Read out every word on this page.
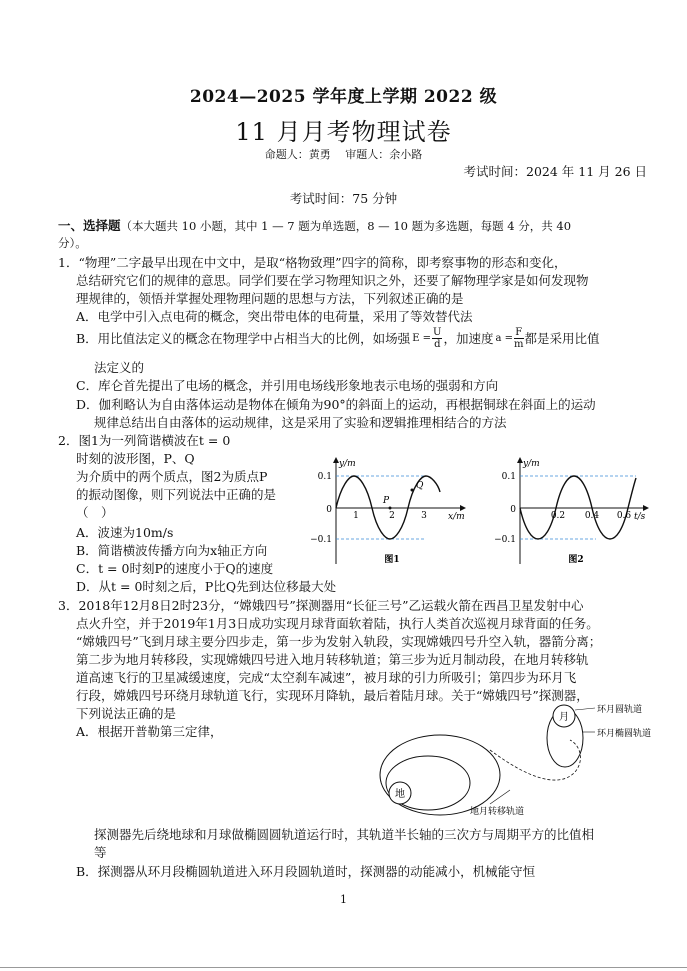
2024—2025 学年度上学期 2022 级
11 月月考物理试卷
命题人：黄勇　 审题人：余小路
考试时间：2024 年 11 月 26 日
考试时间：75 分钟
一、选择题（本大题共 10 小题，其中 1 — 7 题为单选题，8 — 10 题为多选题，每题 4 分，共 40
分）。
1．“物理”二字最早出现在中文中，是取“格物致理”四字的简称，即考察事物的形态和变化，
总结研究它们的规律的意思。同学们要在学习物理知识之外，还要了解物理学家是如何发现物
理规律的，领悟并掌握处理物理问题的思想与方法，下列叙述正确的是
A．电学中引入点电荷的概念，突出带电体的电荷量，采用了等效替代法
B．用比值法定义的概念在物理学中占相当大的比例，如场强 $E = \frac{U}{d}$ ，加速度 $a = \frac{F}{m}$ 都是采用比值
法定义的
C．库仑首先提出了电场的概念，并引用电场线形象地表示电场的强弱和方向
D．伽利略认为自由落体运动是物体在倾角为90°的斜面上的运动，再根据铜球在斜面上的运动
规律总结出自由落体的运动规律，这是采用了实验和逻辑推理相结合的方法
2．图1为一列简谐横波在t = 0
时刻的波形图，P、Q
为介质中的两个质点，图2为质点P
的振动图像，则下列说法中正确的是
（　）
A．波速为10m/s
B．简谐横波传播方向为x轴正方向
C．t = 0时刻P的速度小于Q的速度
D．从t = 0时刻之后，P比Q先到达位移最大处
y/m
x/m
0.1
−0.1
0
1	2	3
P
Q
图1
y/m
t/s
0.1
−0.1
0
0.2 0.4 0.6
图2
3．2018年12月8日2时23分，“嫦娥四号”探测器用“长征三号”乙运载火箭在西昌卫星发射中心
点火升空，并于2019年1月3日成功实现月球背面软着陆，执行人类首次巡视月球背面的任务。
“嫦娥四号”飞到月球主要分四步走，第一步为发射入轨段，实现嫦娥四号升空入轨，器箭分离；
第二步为地月转移段，实现嫦娥四号进入地月转移轨道；第三步为近月制动段，在地月转移轨
道高速飞行的卫星减缓速度，完成“太空刹车减速”，被月球的引力所吸引；第四步为环月飞
行段，嫦娥四号环绕月球轨道飞行，实现环月降轨，最后着陆月球。关于“嫦娥四号”探测器，
下列说法正确的是
A．根据开普勒第三定律，
地
月
环月圆轨道
环月椭圆轨道
地月转移轨道
探测器先后绕地球和月球做椭圆圆轨道运行时，其轨道半长轴的三次方与周期平方的比值相
等
B．探测器从环月段椭圆轨道进入环月段圆轨道时，探测器的动能减小，机械能守恒
1
